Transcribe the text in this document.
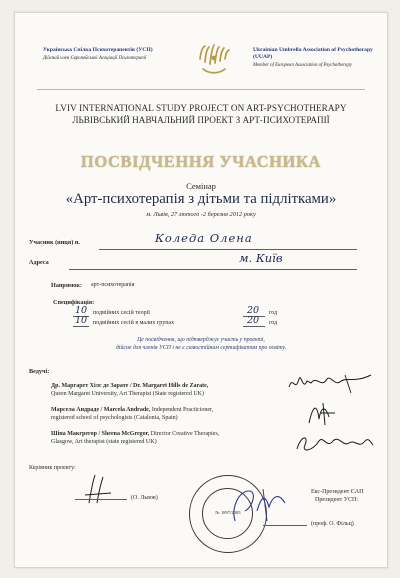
Українська Спілка Психотерапевтів (УСП)
Дійсний член Європейської Асоціації Психотерапії
Ukrainian Umbrella Association of Psychotherapy (UUAP)
Member of European Association of Psychotherapy
LVIV INTERNATIONAL STUDY PROJECT ON ART-PSYCHOTHERAPY
ЛЬВІВСЬКИЙ НАВЧАЛЬНИЙ ПРОЕКТ З АРТ-ПСИХОТЕРАПІЇ
ПОСВІДЧЕННЯ УЧАСНИКА
Семінар
«Арт-психотерапія з дітьми та підлітками»
м. Львів, 27 лютого -2 березня 2012 року
Учасник (ниця) п.	Коледа Олена
Адреса	м. Київ
Напрямок: арт-психотерапія
Специфікація:
10 подвійних сесій теорії	20 год
10 подвійних сесій в малих групах	20 год
Це посвідчення, що підтверджує участь у проекті,
дійсне для членів УСП і не є самостійним сертифікатом про освіту.
Ведучі:
Др. Маргарет Хілс де Зарате / Dr. Margaret Hills de Zarate,
Queen Margaret University, Art Therapist (State registered UK)
Марсела Андраде / Marcela Andrade, Independent Practicioner,
registered school of psychologists (Catalonia, Spain)
Шіна Макгрегор / Sheena McGregor, Director Creative Therapies,
Glasgow, Art therapist (state registered UK)
Керівник проекту:
(О. Львов)
№ 1897/2005
Екс-Президент ЄАП
Президент УСП:
(проф. О. Фільц)
